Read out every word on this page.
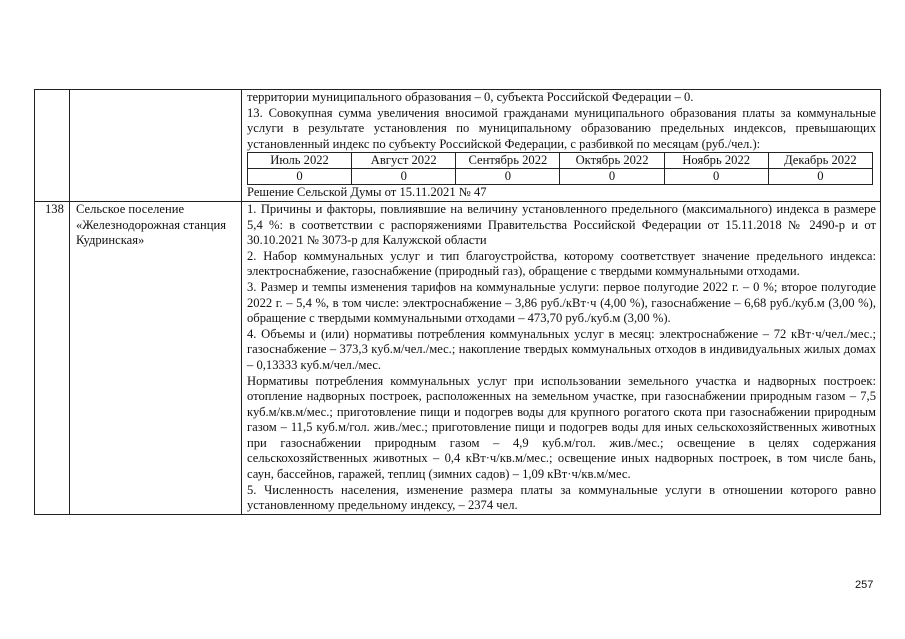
территории муниципального образования – 0, субъекта Российской Федерации – 0.

13. Совокупная сумма увеличения вносимой гражданами муниципального образования платы за коммунальные услуги в результате установления по муниципальному образованию предельных индексов, превышающих установленный индекс по субъекту Российской Федерации, с разбивкой по месяцам (руб./чел.):

Июль 2022	Август 2022	Сентябрь 2022	Октябрь 2022	Ноябрь 2022	Декабрь 2022
0	0	0	0	0	0

Решение Сельской Думы от 15.11.2021 № 47

138	Сельское поселение «Железнодорожная станция Кудринская»	

1. Причины и факторы, повлиявшие на величину установленного предельного (максимального) индекса в размере 5,4 %: в соответствии с распоряжениями Правительства Российской Федерации от 15.11.2018 № 2490-р и от 30.10.2021 № 3073-р для Калужской области

2. Набор коммунальных услуг и тип благоустройства, которому соответствует значение предельного индекса: электроснабжение, газоснабжение (природный газ), обращение с твердыми коммунальными отходами.

3. Размер и темпы изменения тарифов на коммунальные услуги: первое полугодие 2022 г. – 0 %; второе полугодие 2022 г. – 5,4 %, в том числе: электроснабжение – 3,86 руб./кВт·ч (4,00 %), газоснабжение – 6,68 руб./куб.м (3,00 %), обращение с твердыми коммунальными отходами – 473,70 руб./куб.м (3,00 %).

4. Объемы и (или) нормативы потребления коммунальных услуг в месяц: электроснабжение – 72 кВт·ч/чел./мес.; газоснабжение – 373,3 куб.м/чел./мес.; накопление твердых коммунальных отходов в индивидуальных жилых домах – 0,13333 куб.м/чел./мес.

Нормативы потребления коммунальных услуг при использовании земельного участка и надворных построек: отопление надворных построек, расположенных на земельном участке, при газоснабжении природным газом – 7,5 куб.м/кв.м/мес.; приготовление пищи и подогрев воды для крупного рогатого скота при газоснабжении природным газом – 11,5 куб.м/гол. жив./мес.; приготовление пищи и подогрев воды для иных сельскохозяйственных животных при газоснабжении природным газом – 4,9 куб.м/гол. жив./мес.; освещение в целях содержания сельскохозяйственных животных – 0,4 кВт·ч/кв.м/мес.; освещение иных надворных построек, в том числе бань, саун, бассейнов, гаражей, теплиц (зимних садов) – 1,09 кВт·ч/кв.м/мес.

5. Численность населения, изменение размера платы за коммунальные услуги в отношении которого равно установленному предельному индексу, – 2374 чел.

257
